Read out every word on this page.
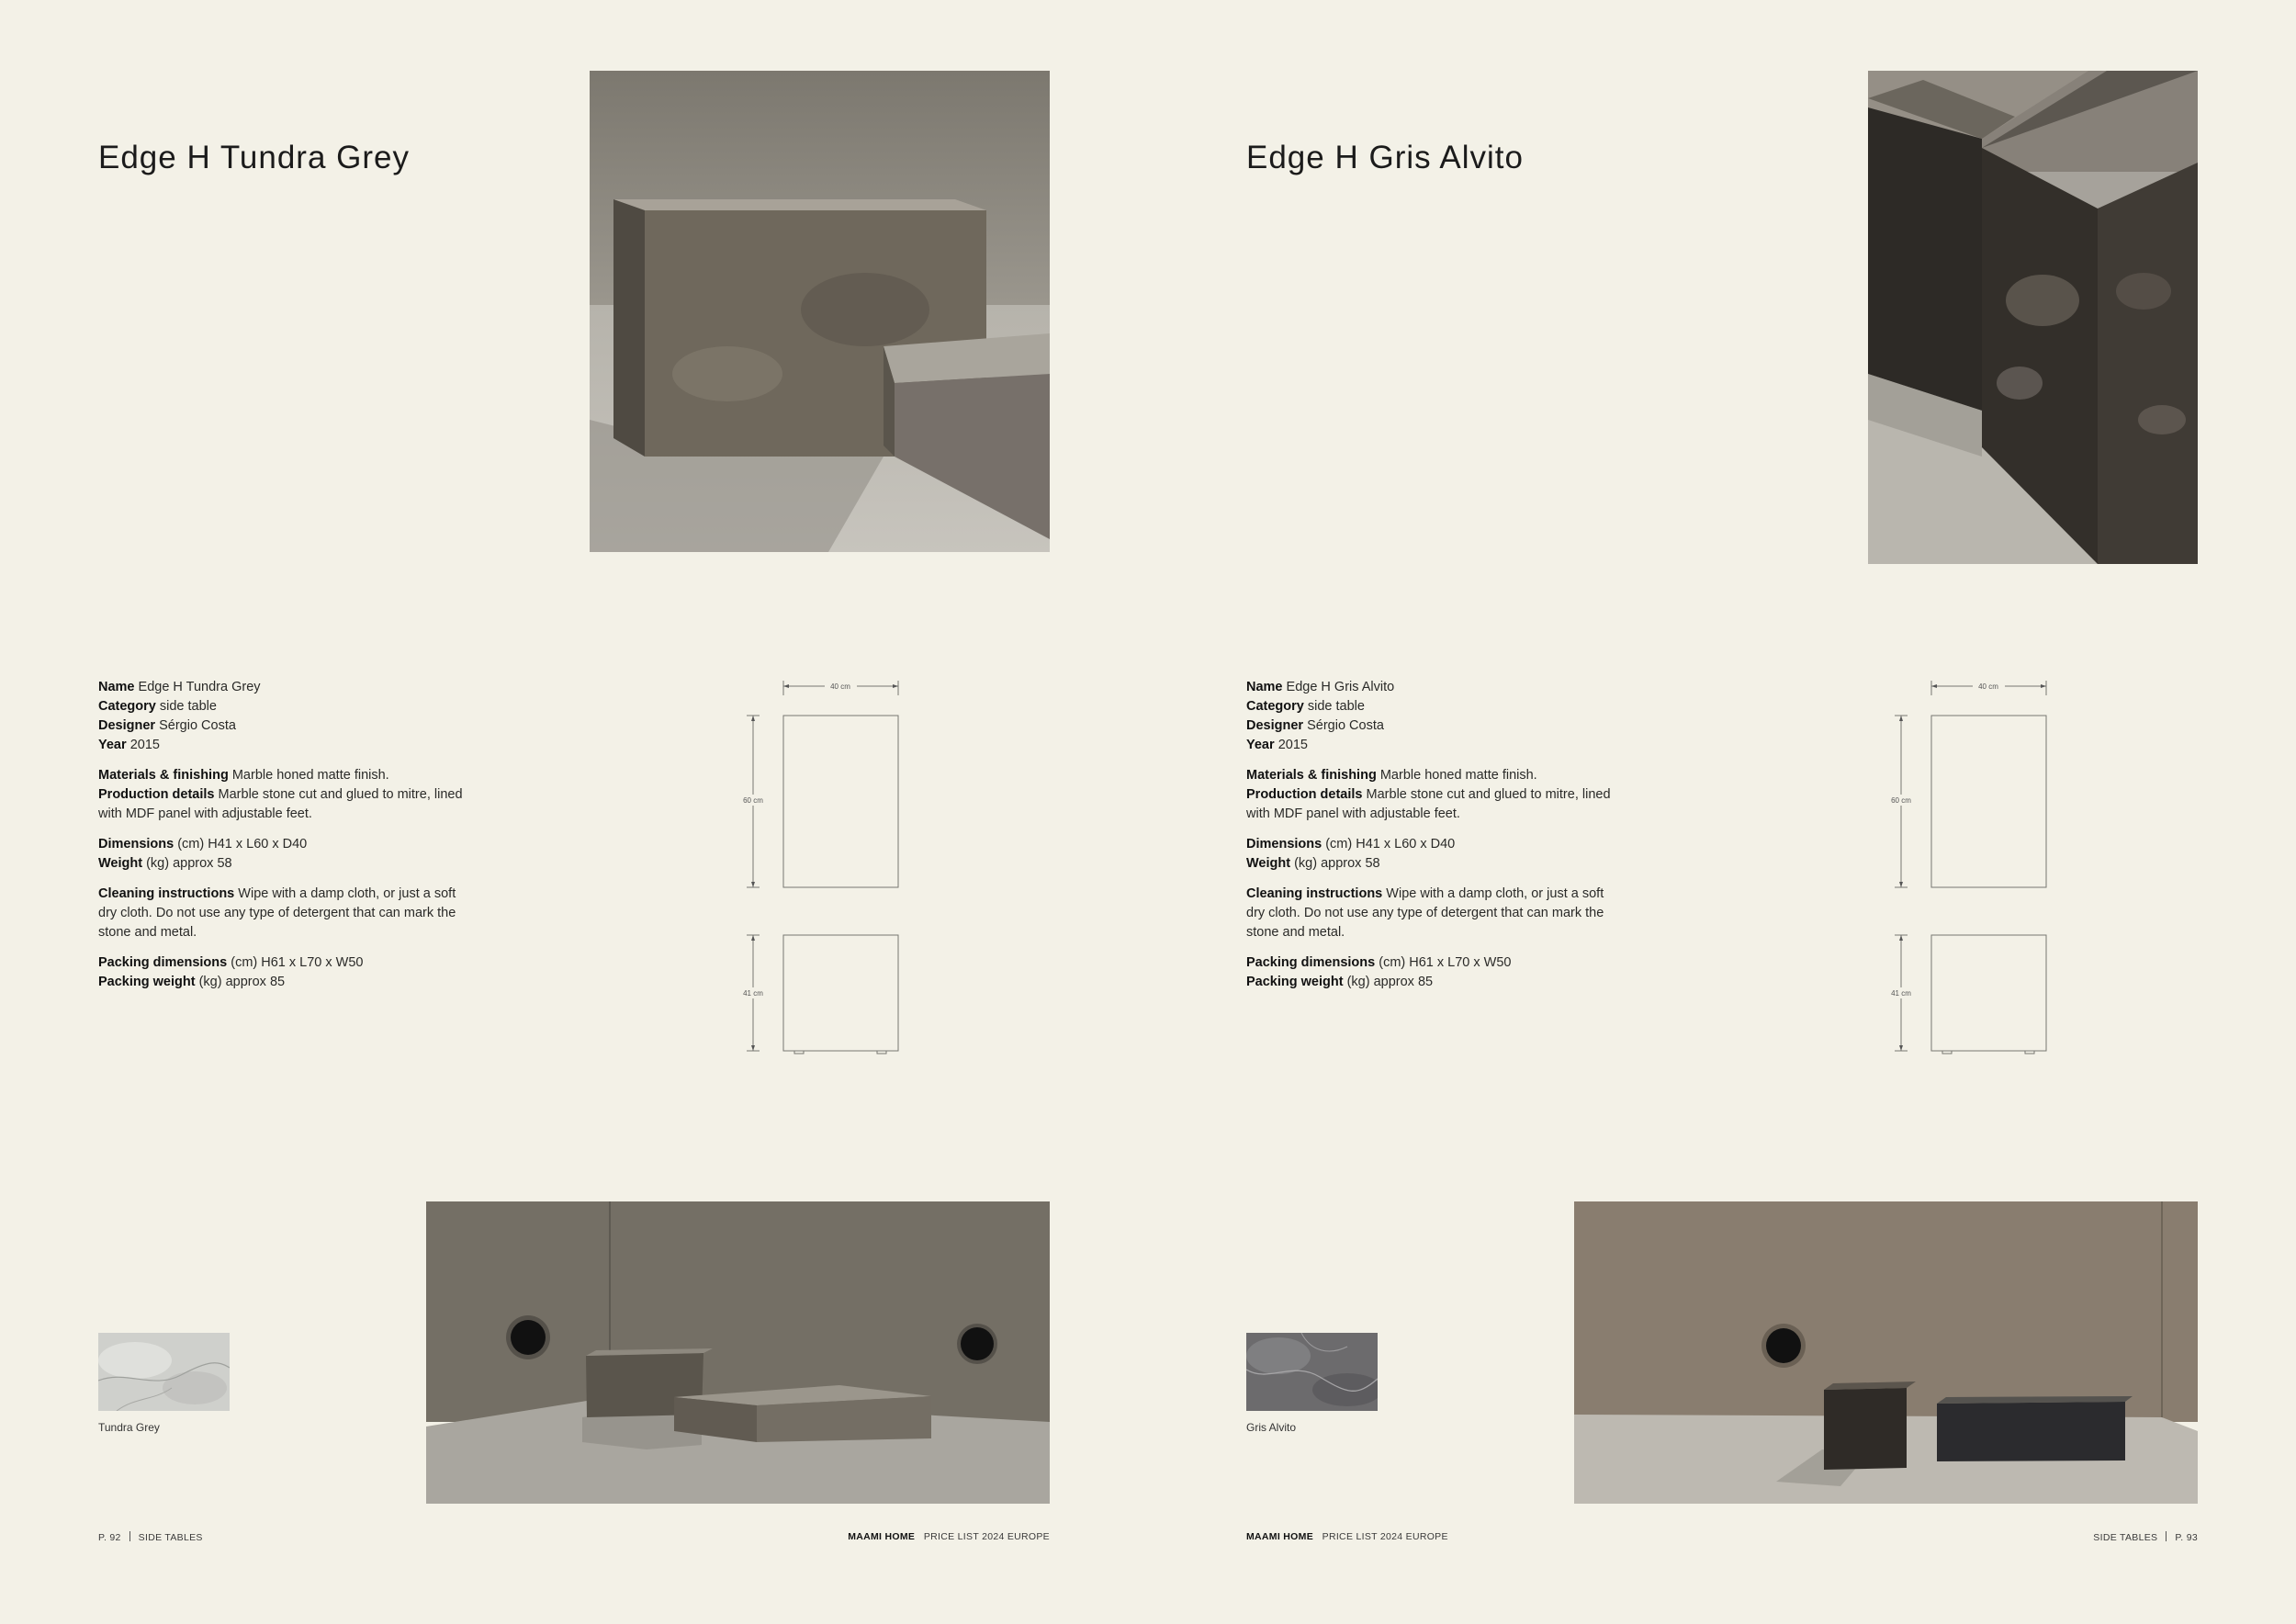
Edge H Tundra Grey

Name Edge H Tundra Grey
Category side table
Designer Sérgio Costa
Year 2015

Materials & finishing Marble honed matte finish.
Production details Marble stone cut and glued to mitre, lined with MDF panel with adjustable feet.

Dimensions (cm) H41 x L60 x D40
Weight (kg) approx 58

Cleaning instructions Wipe with a damp cloth, or just a soft dry cloth. Do not use any type of detergent that can mark the stone and metal.

Packing dimensions (cm) H61 x L70 x W50
Packing weight (kg) approx 85

40 cm
60 cm
41 cm
Tundra Grey
P. 92 SIDE TABLES	MAAMI HOME PRICE LIST 2024 EUROPE
Edge H Gris Alvito

Name Edge H Gris Alvito
Category side table
Designer Sérgio Costa
Year 2015

Materials & finishing Marble honed matte finish.
Production details Marble stone cut and glued to mitre, lined with MDF panel with adjustable feet.

Dimensions (cm) H41 x L60 x D40
Weight (kg) approx 58

Cleaning instructions Wipe with a damp cloth, or just a soft dry cloth. Do not use any type of detergent that can mark the stone and metal.

Packing dimensions (cm) H61 x L70 x W50
Packing weight (kg) approx 85

40 cm
60 cm
41 cm
Gris Alvito
MAAMI HOME PRICE LIST 2024 EUROPE	SIDE TABLES P. 93
